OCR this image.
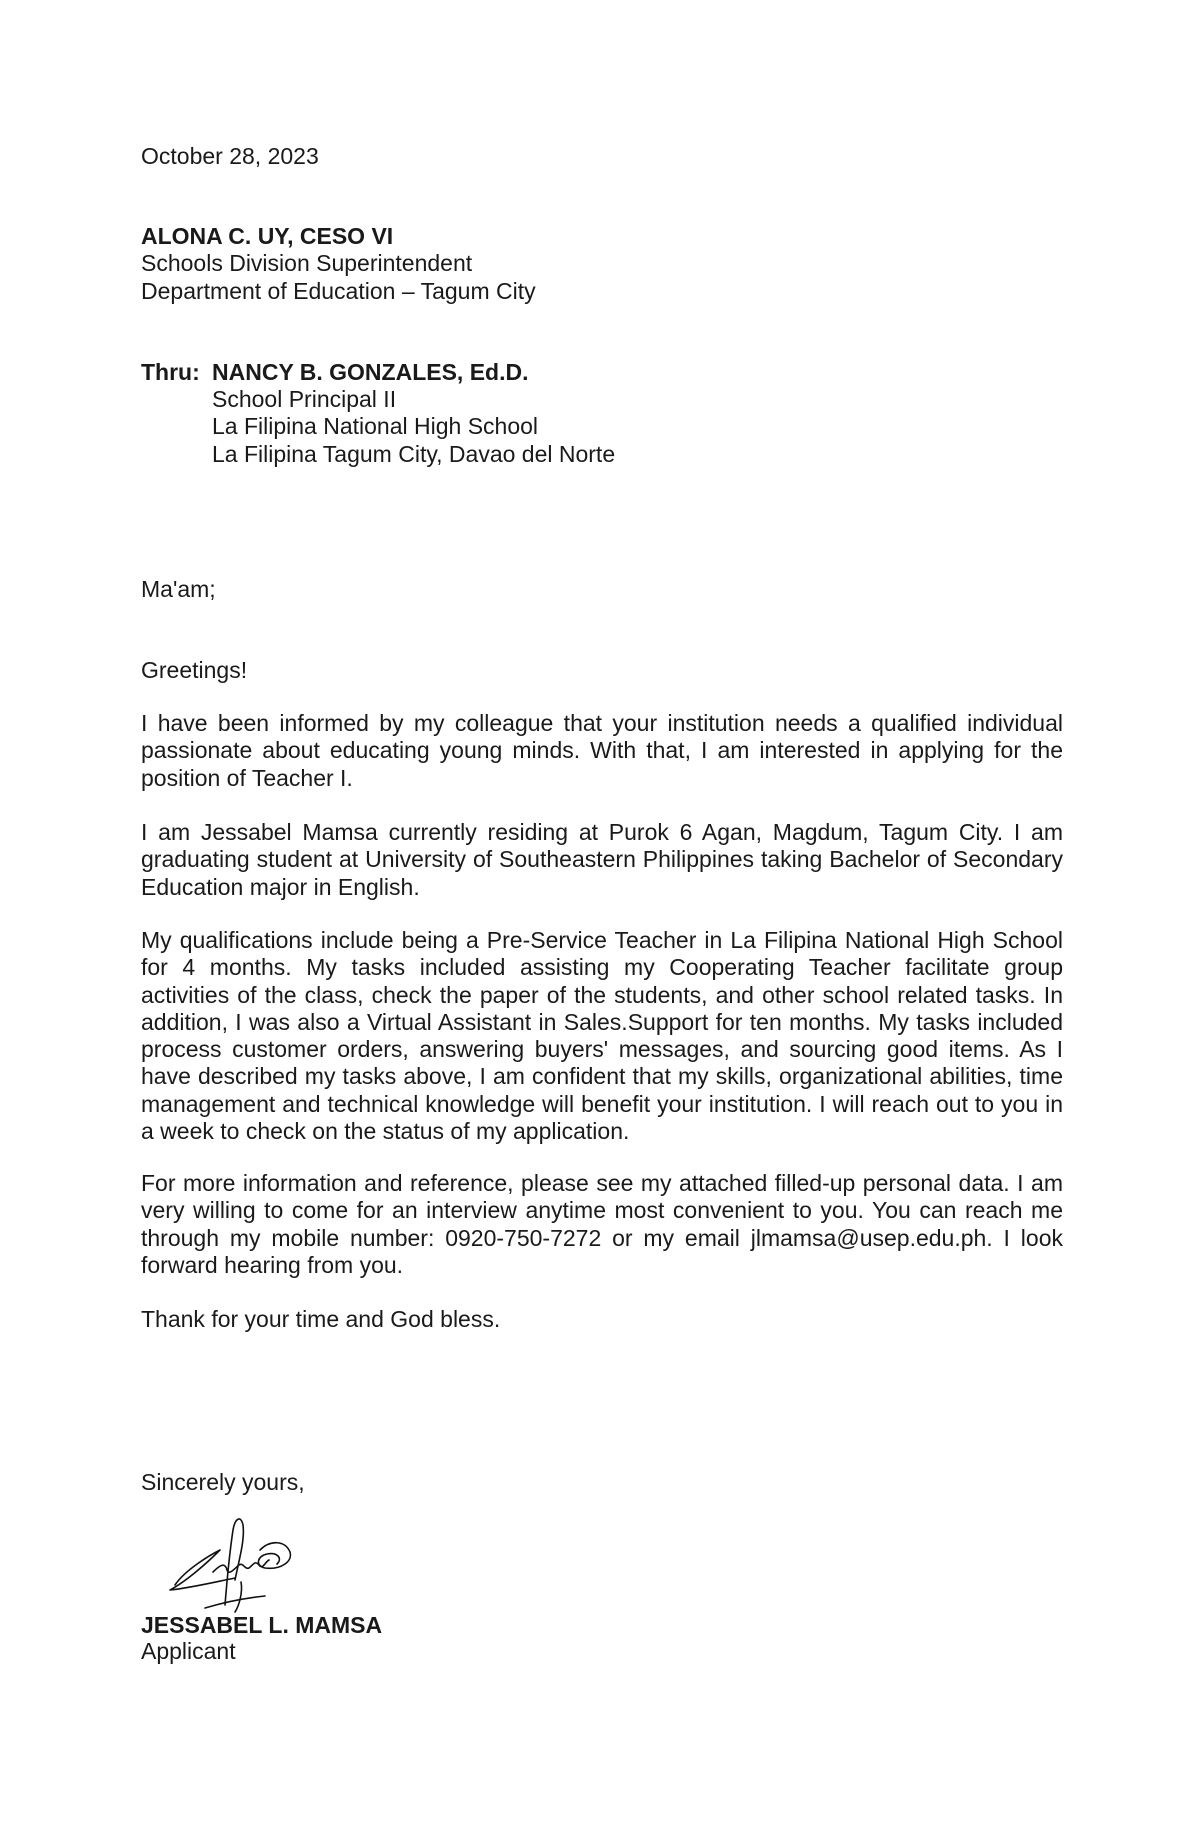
October 28, 2023
ALONA C. UY, CESO VI
Schools Division Superintendent
Department of Education – Tagum City
Thru: NANCY B. GONZALES, Ed.D.
School Principal II
La Filipina National High School
La Filipina Tagum City, Davao del Norte
Ma'am;
Greetings!
I have been informed by my colleague that your institution needs a qualified individual passionate about educating young minds. With that, I am interested in applying for the position of Teacher I.
I am Jessabel Mamsa currently residing at Purok 6 Agan, Magdum, Tagum City. I am graduating student at University of Southeastern Philippines taking Bachelor of Secondary Education major in English.
My qualifications include being a Pre-Service Teacher in La Filipina National High School for 4 months. My tasks included assisting my Cooperating Teacher facilitate group activities of the class, check the paper of the students, and other school related tasks. In addition, I was also a Virtual Assistant in Sales.Support for ten months. My tasks included process customer orders, answering buyers' messages, and sourcing good items. As I have described my tasks above, I am confident that my skills, organizational abilities, time management and technical knowledge will benefit your institution. I will reach out to you in a week to check on the status of my application.
For more information and reference, please see my attached filled-up personal data. I am very willing to come for an interview anytime most convenient to you. You can reach me through my mobile number: 0920-750-7272 or my email jlmamsa@usep.edu.ph. I look forward hearing from you.
Thank for your time and God bless.
Sincerely yours,
JESSABEL L. MAMSA
Applicant
